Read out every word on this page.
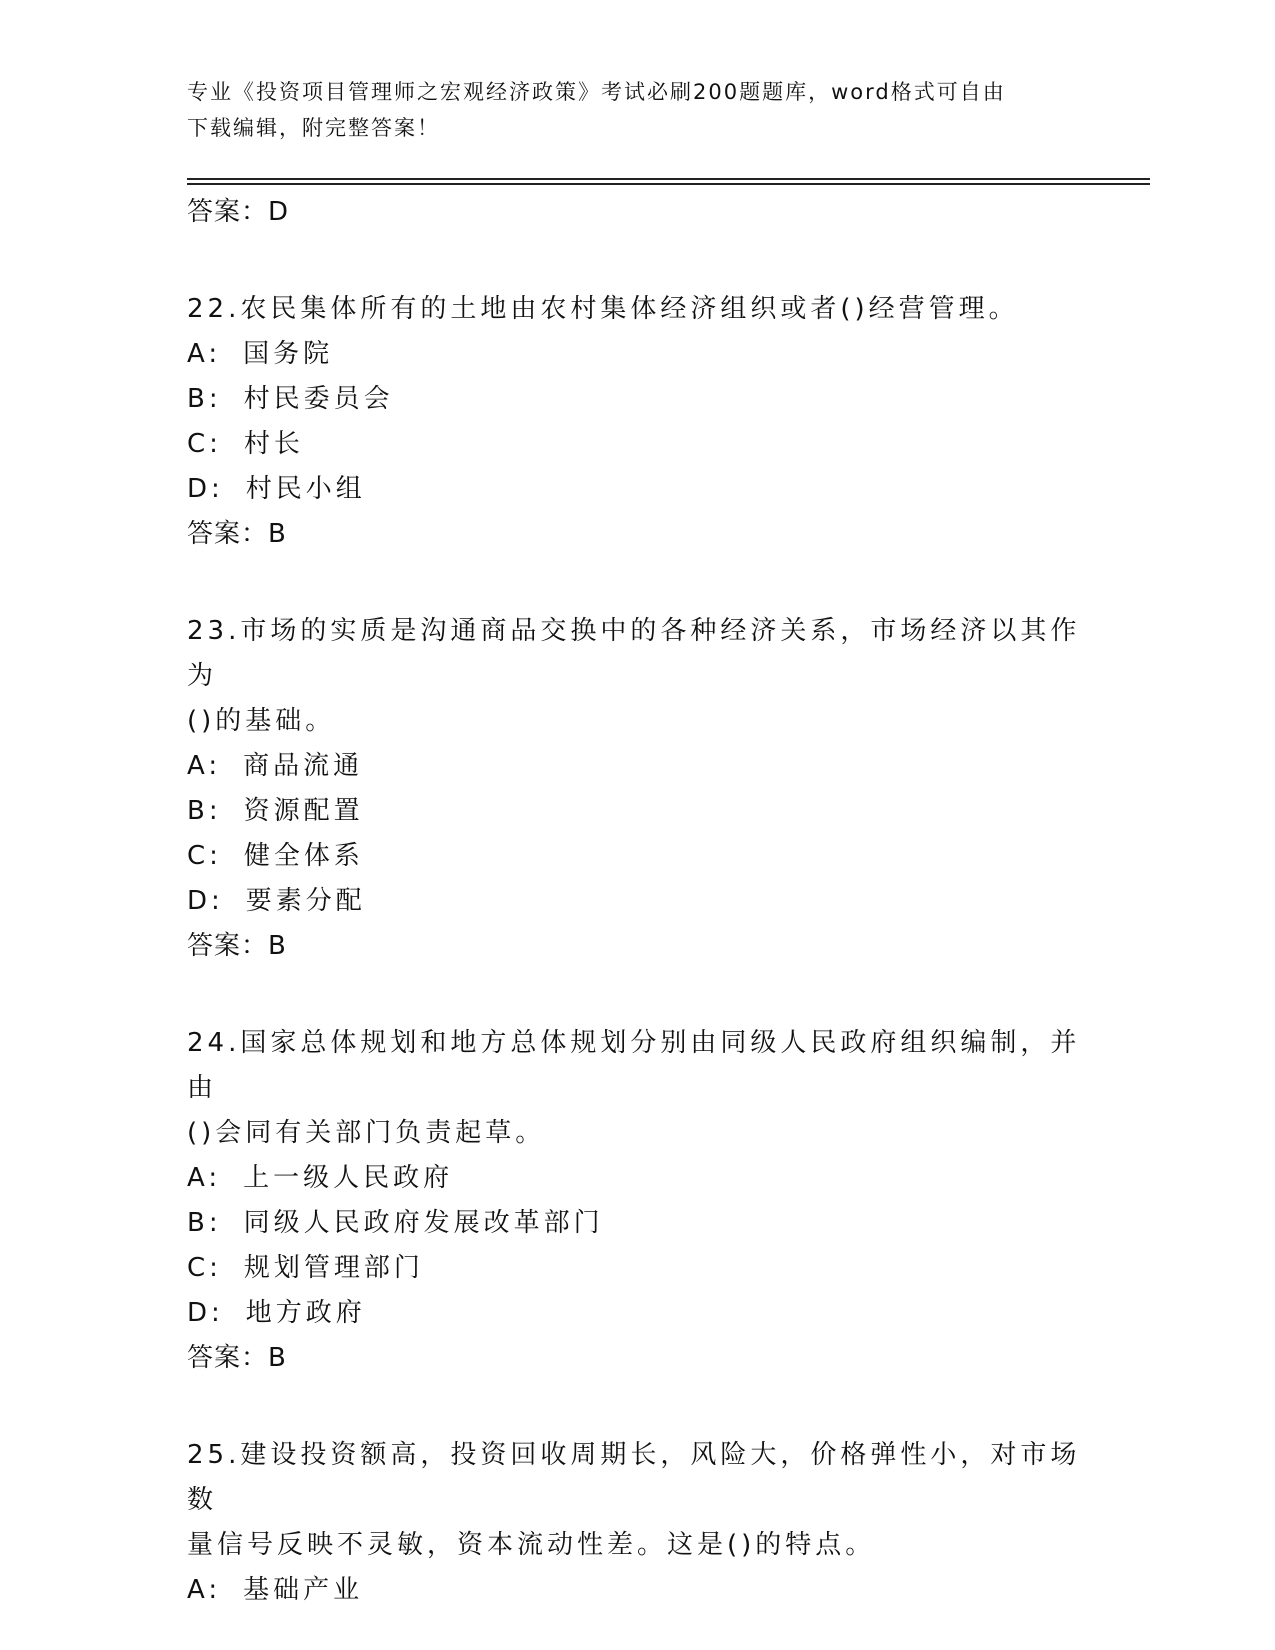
专业《投资项目管理师之宏观经济政策》考试必刷200题题库，word格式可自由
下载编辑，附完整答案！
答案：D
22.农民集体所有的土地由农村集体经济组织或者()经营管理。
A: 国务院
B: 村民委员会
C: 村长
D: 村民小组
答案：B
23.市场的实质是沟通商品交换中的各种经济关系，市场经济以其作为
()的基础。
A: 商品流通
B: 资源配置
C: 健全体系
D: 要素分配
答案：B
24.国家总体规划和地方总体规划分别由同级人民政府组织编制，并由
()会同有关部门负责起草。
A: 上一级人民政府
B: 同级人民政府发展改革部门
C: 规划管理部门
D: 地方政府
答案：B
25.建设投资额高，投资回收周期长，风险大，价格弹性小，对市场数
量信号反映不灵敏，资本流动性差。这是()的特点。
A: 基础产业
